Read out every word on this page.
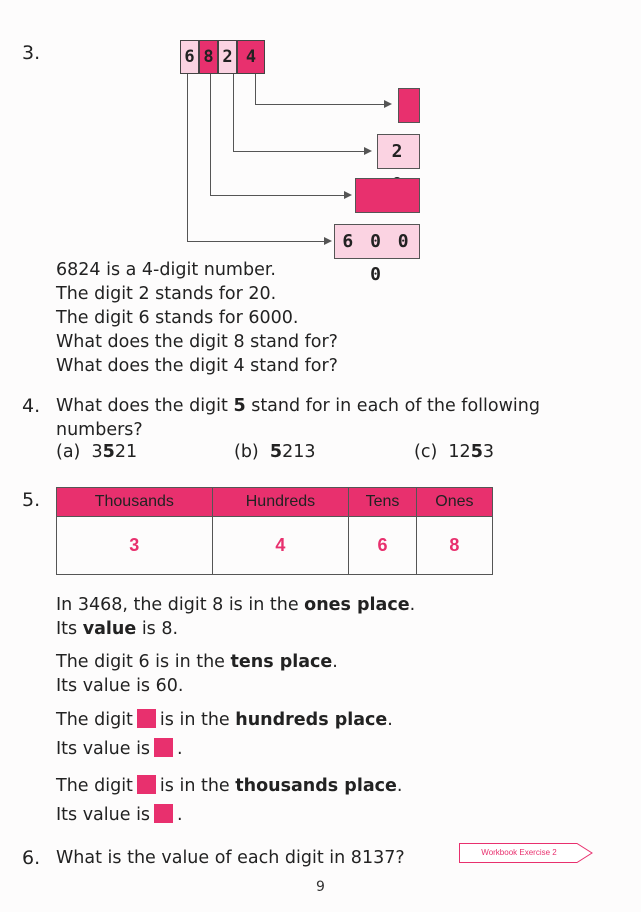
3.	6 8 2 4
2
6 0 0 0
6824 is a 4-digit number.
The digit 2 stands for 20.
The digit 6 stands for 6000.
What does the digit 8 stand for?
What does the digit 4 stand for?
4. What does the digit 5 stand for in each of the following
numbers?
(a) 3521	(b) 5213	(c) 1253
5.	Thousands	Hundreds	Tens	Ones
3	4	6	8
In 3468, the digit 8 is in the ones place.
Its value is 8.
The digit 6 is in the tens place.
Its value is 60.
The digit is in the hundreds place.
Its value is .
The digit is in the thousands place.
Its value is .
6. What is the value of each digit in 8137?	Workbook Exercise 2
9
